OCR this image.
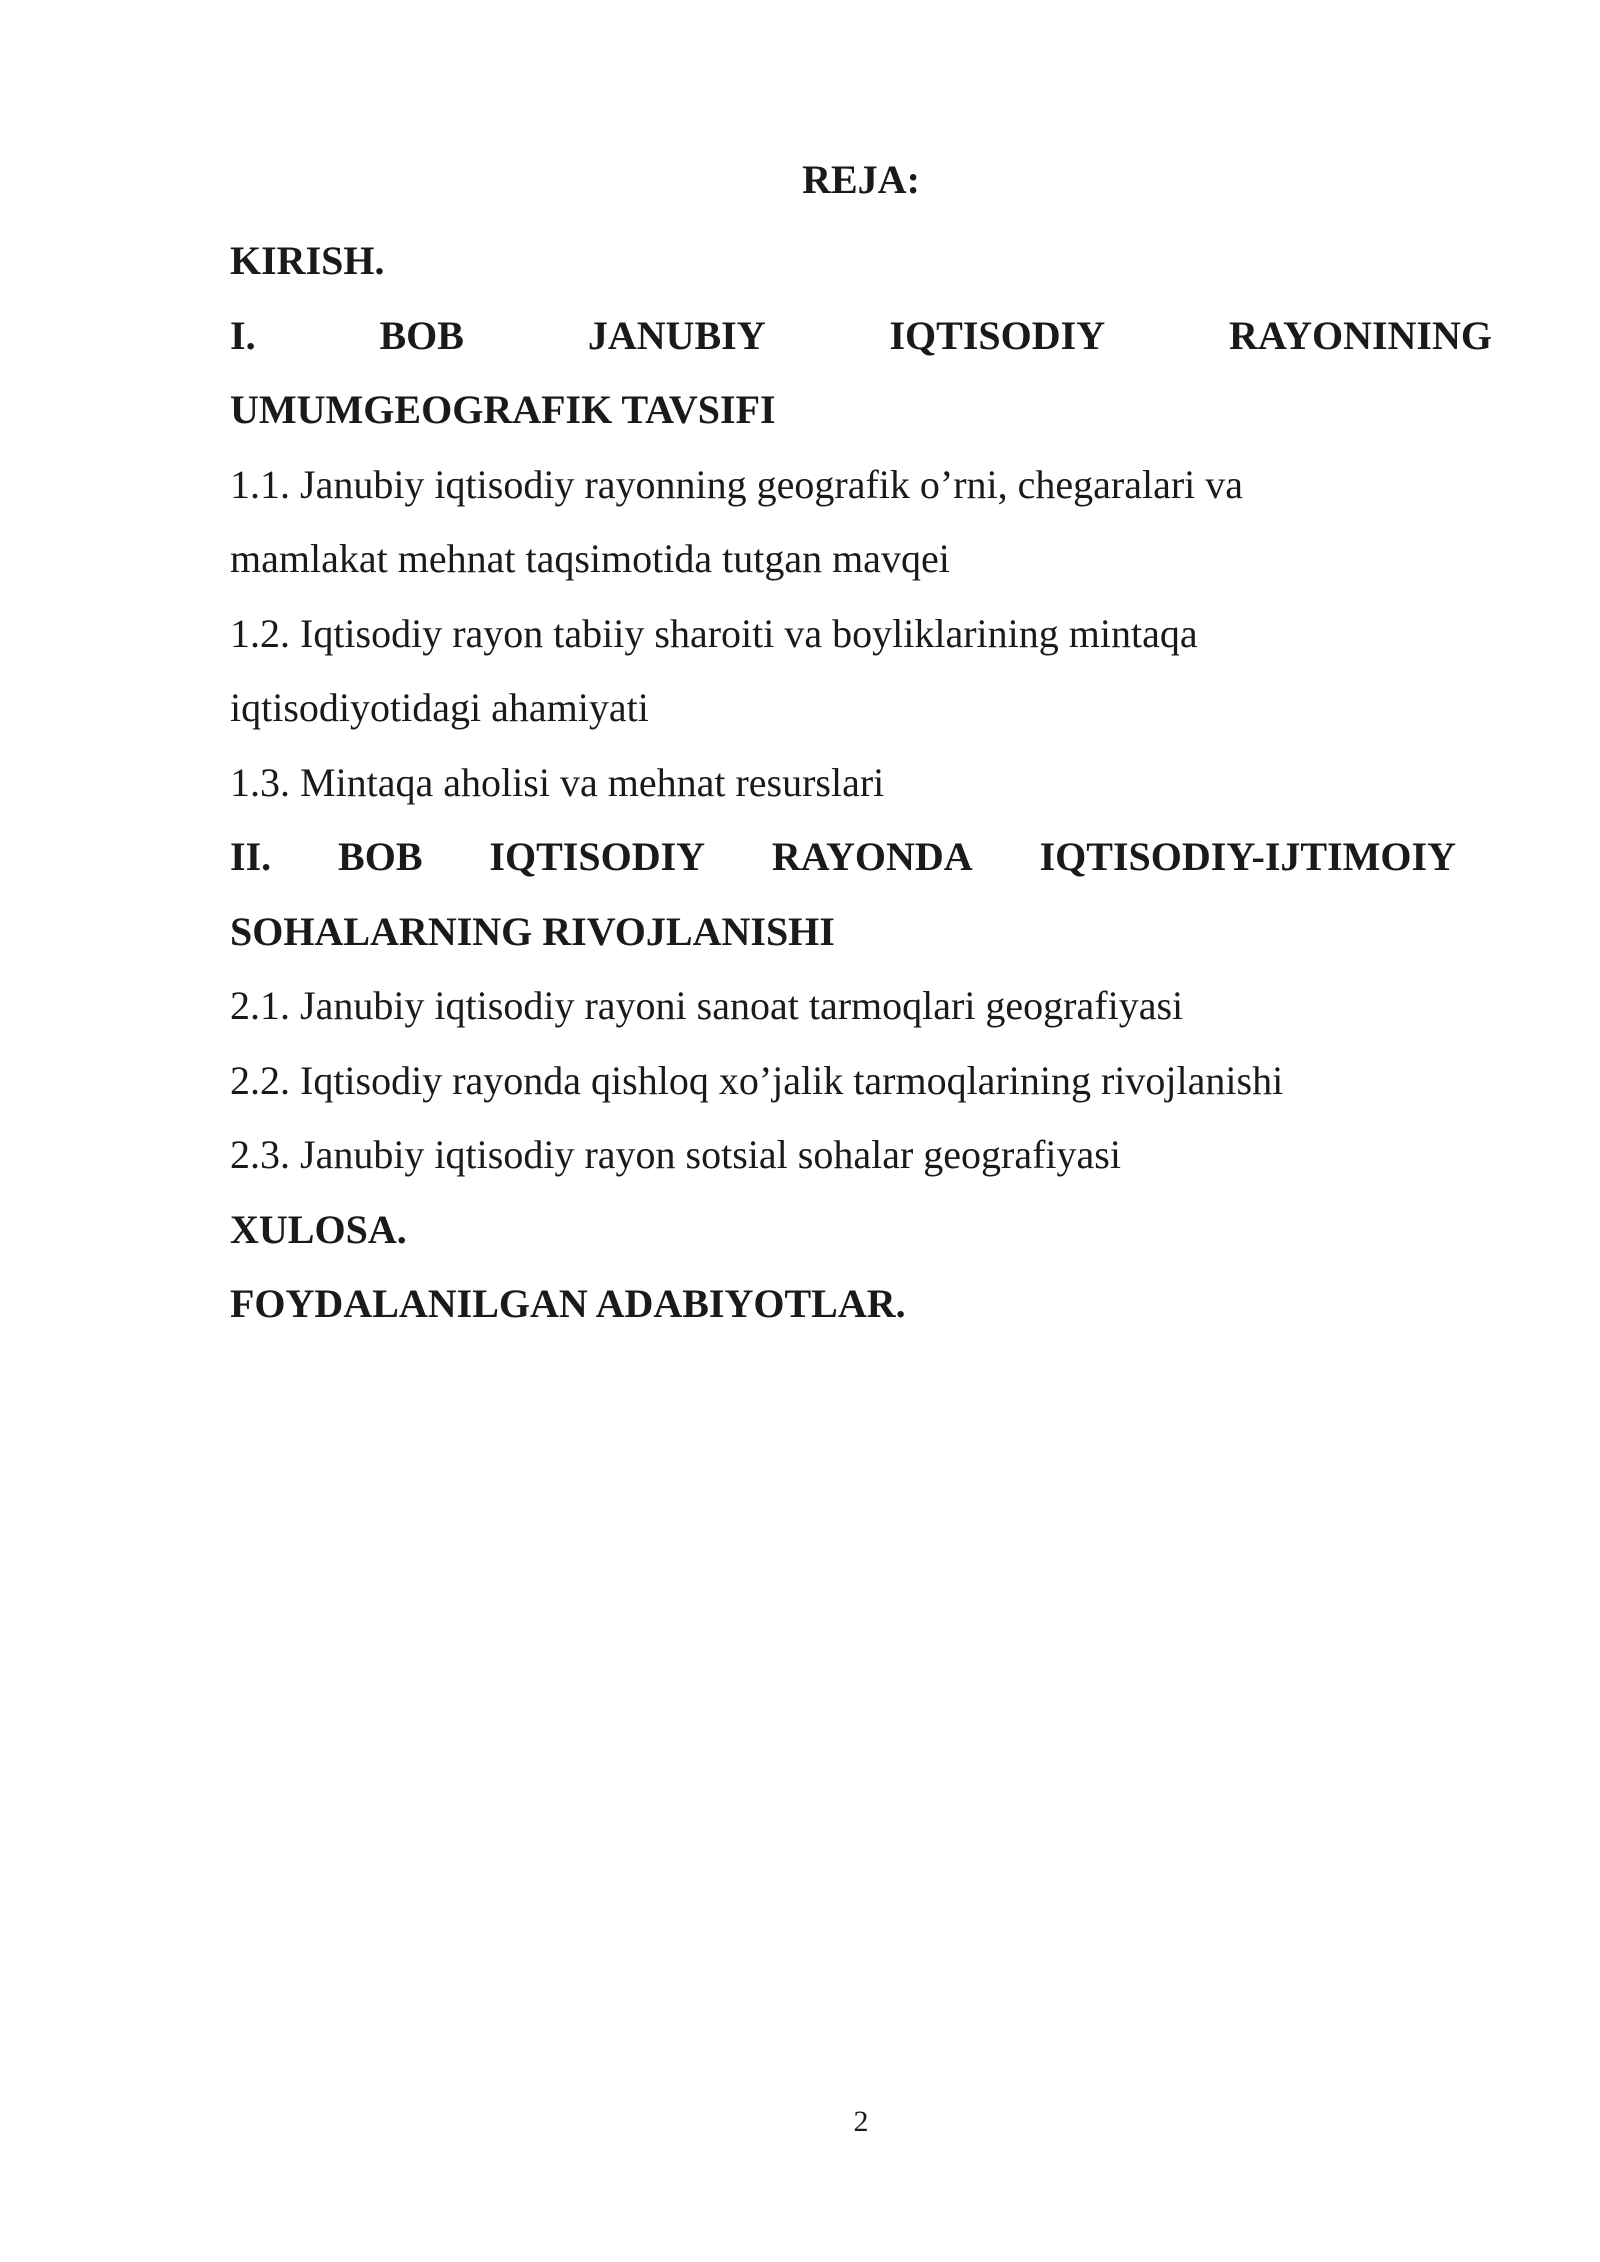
REJA:
KIRISH.
I.	BOB	JANUBIY	IQTISODIY	RAYONINING
UMUMGEOGRAFIK TAVSIFI
1.1. Janubiy iqtisodiy rayonning geografik o’rni, chegaralari va
mamlakat mehnat taqsimotida tutgan mavqei
1.2. Iqtisodiy rayon tabiiy sharoiti va boyliklarining mintaqa
iqtisodiyotidagi ahamiyati
1.3. Mintaqa aholisi va mehnat resurslari
II. BOB IQTISODIY RAYONDA IQTISODIY-IJTIMOIY
SOHALARNING RIVOJLANISHI
2.1. Janubiy iqtisodiy rayoni sanoat tarmoqlari geografiyasi
2.2. Iqtisodiy rayonda qishloq xo’jalik tarmoqlarining rivojlanishi
2.3. Janubiy iqtisodiy rayon sotsial sohalar geografiyasi
XULOSA.
FOYDALANILGAN ADABIYOTLAR.
2
